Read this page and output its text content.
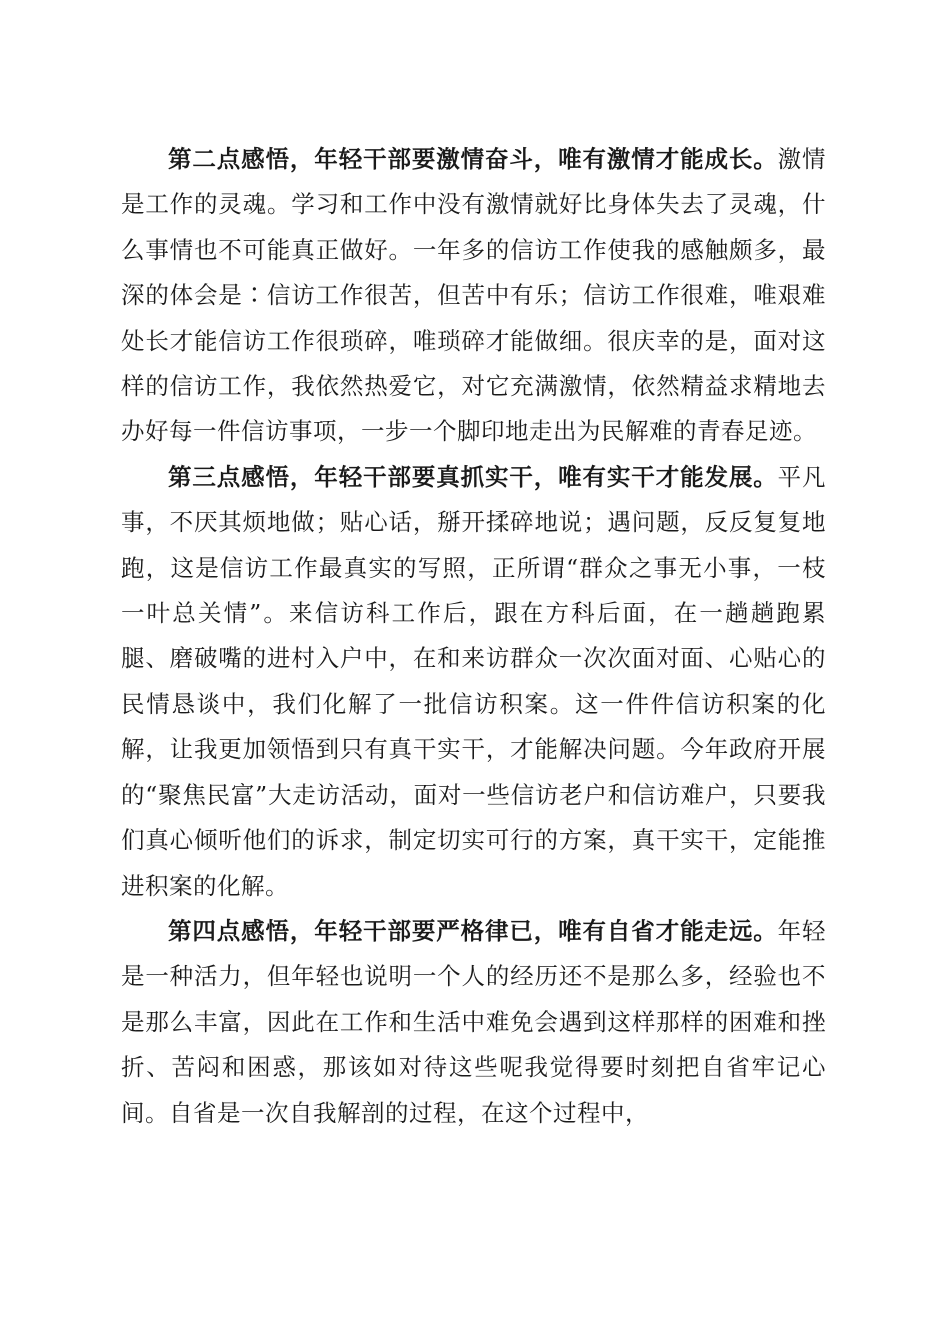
第二点感悟，年轻干部要激情奋斗，唯有激情才能成长。激情是工作的灵魂。学习和工作中没有激情就好比身体失去了灵魂，什么事情也不可能真正做好。一年多的信访工作使我的感触颇多，最深的体会是∶信访工作很苦，但苦中有乐；信访工作很难，唯艰难处长才能信访工作很琐碎，唯琐碎才能做细。很庆幸的是，面对这样的信访工作，我依然热爱它，对它充满激情，依然精益求精地去办好每一件信访事项，一步一个脚印地走出为民解难的青春足迹。

第三点感悟，年轻干部要真抓实干，唯有实干才能发展。平凡事，不厌其烦地做；贴心话，掰开揉碎地说；遇问题，反反复复地跑，这是信访工作最真实的写照，正所谓“群众之事无小事，一枝一叶总关情”。来信访科工作后，跟在方科后面，在一趟趟跑累腿、磨破嘴的进村入户中，在和来访群众一次次面对面、心贴心的民情恳谈中，我们化解了一批信访积案。这一件件信访积案的化解，让我更加领悟到只有真干实干，才能解决问题。今年政府开展的“聚焦民富”大走访活动，面对一些信访老户和信访难户，只要我们真心倾听他们的诉求，制定切实可行的方案，真干实干，定能推进积案的化解。

第四点感悟，年轻干部要严格律已，唯有自省才能走远。年轻是一种活力，但年轻也说明一个人的经历还不是那么多，经验也不是那么丰富，因此在工作和生活中难免会遇到这样那样的困难和挫折、苦闷和困惑，那该如对待这些呢我觉得要时刻把自省牢记心间。自省是一次自我解剖的过程，在这个过程中，
